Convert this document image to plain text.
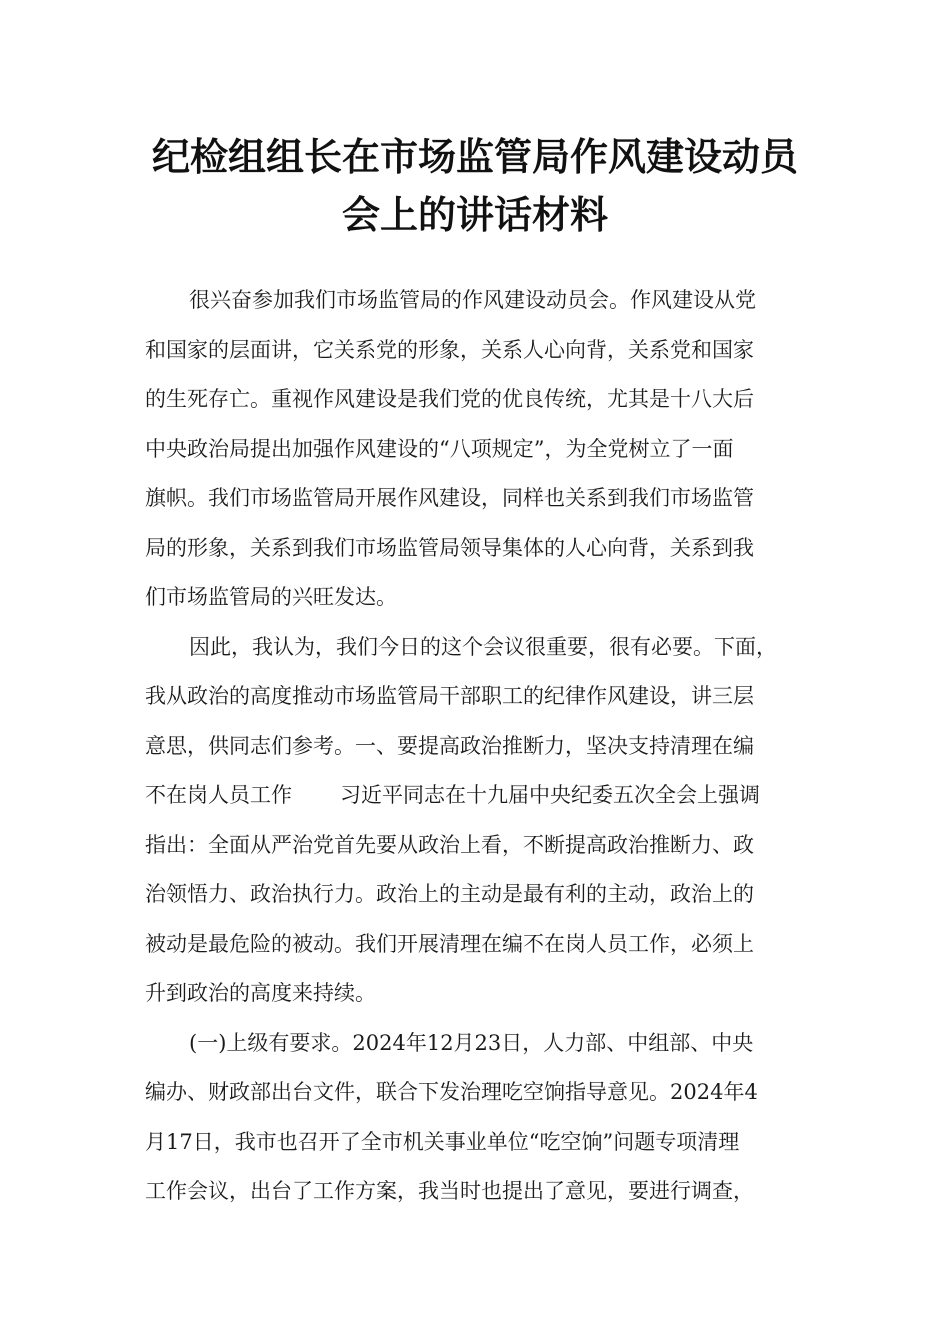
纪检组组长在市场监管局作风建设动员
会上的讲话材料
很兴奋参加我们市场监管局的作风建设动员会。作风建设从党
和国家的层面讲，它关系党的形象，关系人心向背，关系党和国家
的生死存亡。重视作风建设是我们党的优良传统，尤其是十八大后
中央政治局提出加强作风建设的“八项规定”，为全党树立了一面
旗帜。我们市场监管局开展作风建设，同样也关系到我们市场监管
局的形象，关系到我们市场监管局领导集体的人心向背，关系到我
们市场监管局的兴旺发达。
因此，我认为，我们今日的这个会议很重要，很有必要。下面，
我从政治的高度推动市场监管局干部职工的纪律作风建设，讲三层
意思，供同志们参考。一、要提高政治推断力，坚决支持清理在编
不在岗人员工作 习近平同志在十九届中央纪委五次全会上强调
指出：全面从严治党首先要从政治上看，不断提高政治推断力、政
治领悟力、政治执行力。政治上的主动是最有利的主动，政治上的
被动是最危险的被动。我们开展清理在编不在岗人员工作，必须上
升到政治的高度来持续。
(一)上级有要求。2024年12月23日，人力部、中组部、中央
编办、财政部出台文件，联合下发治理吃空饷指导意见。2024年4
月17日，我市也召开了全市机关事业单位“吃空饷”问题专项清理
工作会议，出台了工作方案，我当时也提出了意见，要进行调查，
